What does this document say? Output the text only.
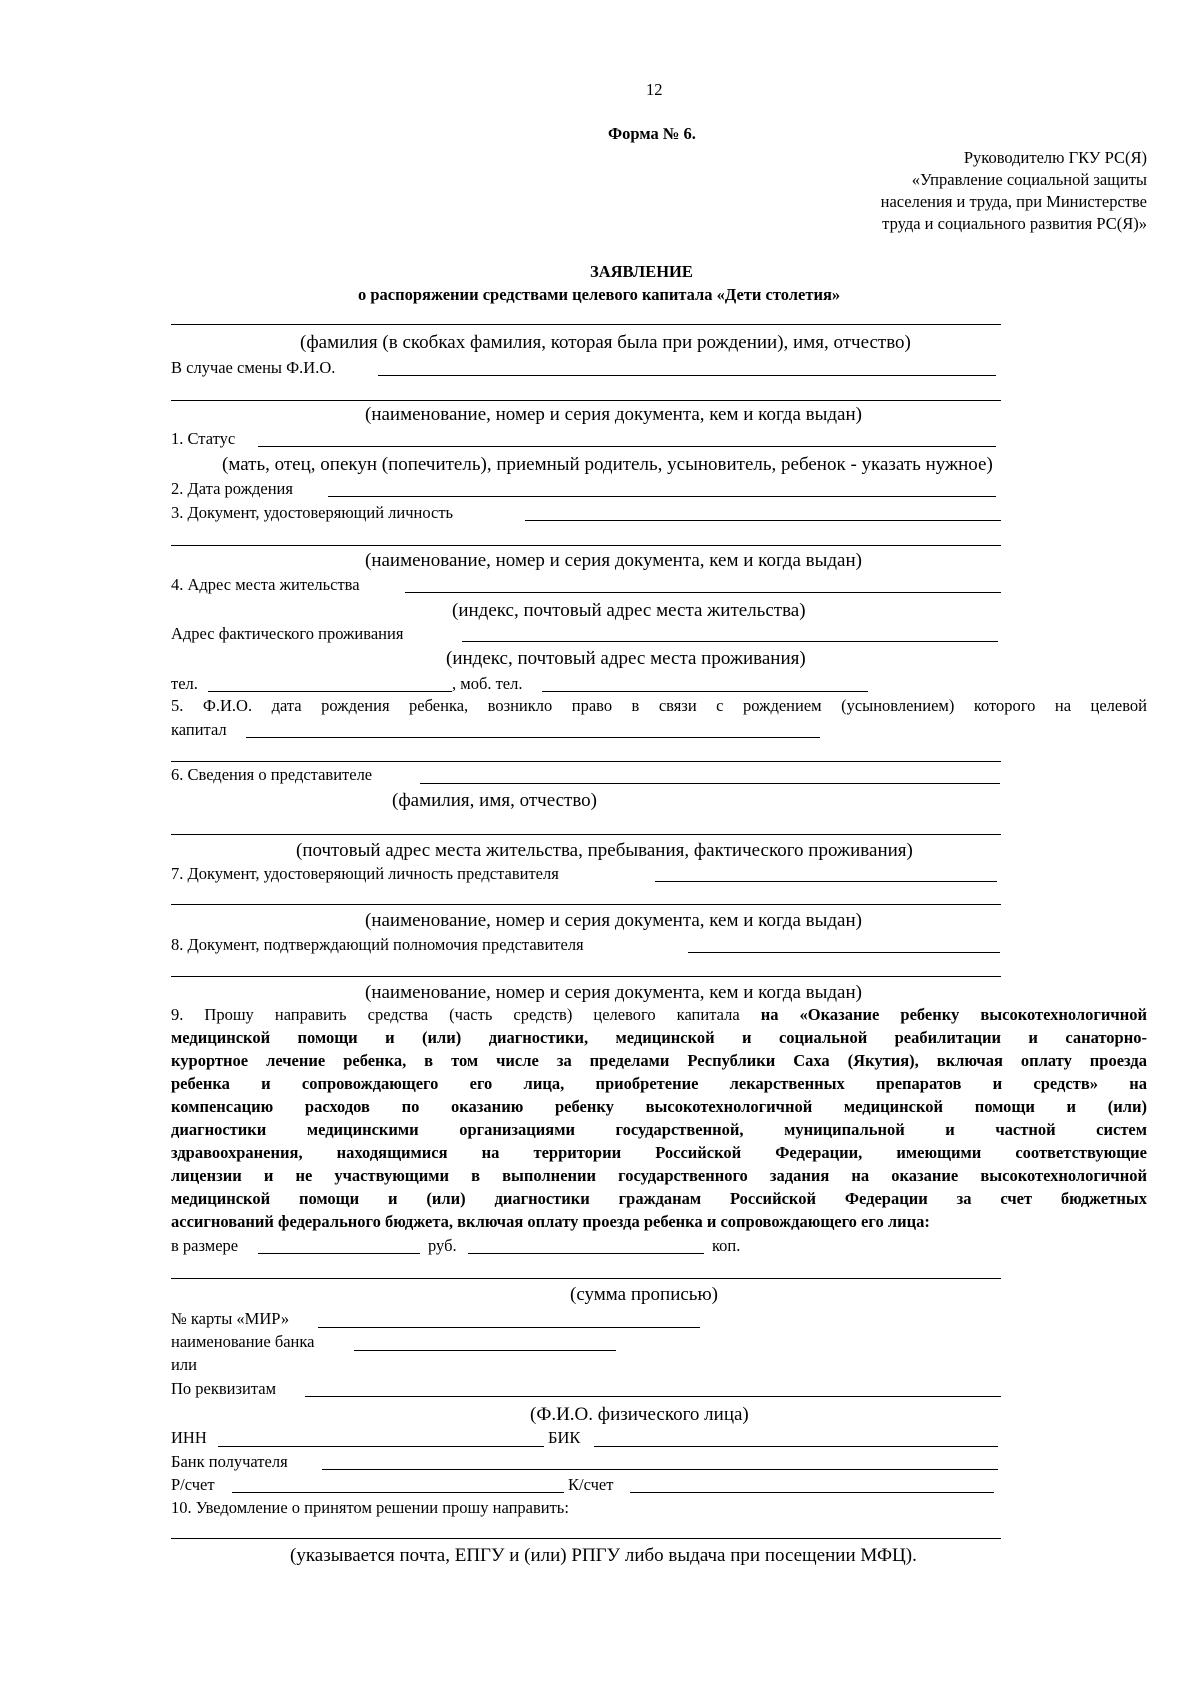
12
Форма № 6.
Руководителю ГКУ РС(Я)
«Управление социальной защиты
населения и труда, при Министерстве
труда и социального развития РС(Я)»
ЗАЯВЛЕНИЕ
о распоряжении средствами целевого капитала «Дети столетия»
(фамилия (в скобках фамилия, которая была при рождении), имя, отчество)
В случае смены Ф.И.О.
(наименование, номер и серия документа, кем и когда выдан)
1. Статус
(мать, отец, опекун (попечитель), приемный родитель, усыновитель, ребенок - указать нужное)
2. Дата рождения
3. Документ, удостоверяющий личность
(наименование, номер и серия документа, кем и когда выдан)
4. Адрес места жительства
(индекс, почтовый адрес места жительства)
Адрес фактического проживания
(индекс, почтовый адрес места проживания)
тел.	, моб. тел.
5. Ф.И.О. дата рождения ребенка, возникло право в связи с рождением (усыновлением) которого на целевой
капитал
6. Сведения о представителе
(фамилия, имя, отчество)
(почтовый адрес места жительства, пребывания, фактического проживания)
7. Документ, удостоверяющий личность представителя
(наименование, номер и серия документа, кем и когда выдан)
8. Документ, подтверждающий полномочия представителя
(наименование, номер и серия документа, кем и когда выдан)
9. Прошу направить средства (часть средств) целевого капитала на «Оказание ребенку высокотехнологичной
медицинской помощи и (или) диагностики, медицинской и социальной реабилитации и санаторно-
курортное лечение ребенка, в том числе за пределами Республики Саха (Якутия), включая оплату проезда
ребенка и сопровождающего его лица, приобретение лекарственных препаратов и средств» на
компенсацию расходов по оказанию ребенку высокотехнологичной медицинской помощи и (или)
диагностики медицинскими организациями государственной, муниципальной и частной систем
здравоохранения, находящимися на территории Российской Федерации, имеющими соответствующие
лицензии и не участвующими в выполнении государственного задания на оказание высокотехнологичной
медицинской помощи и (или) диагностики гражданам Российской Федерации за счет бюджетных
ассигнований федерального бюджета, включая оплату проезда ребенка и сопровождающего его лица:
в размере	руб.	коп.
(сумма прописью)
№ карты «МИР»
наименование банка
или
По реквизитам
(Ф.И.О. физического лица)
ИНН	БИК
Банк получателя
Р/счет	К/счет
10. Уведомление о принятом решении прошу направить:
(указывается почта, ЕПГУ и (или) РПГУ либо выдача при посещении МФЦ).
